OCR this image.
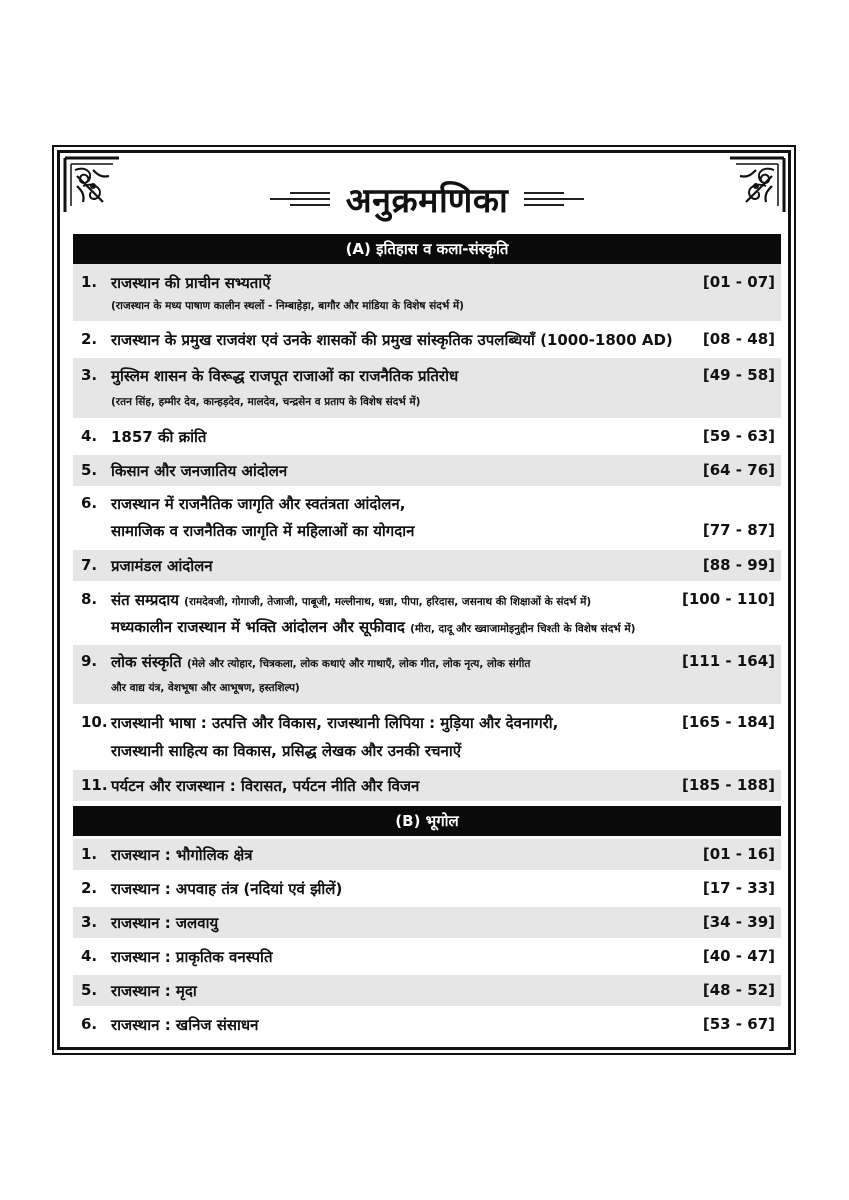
अनुक्रमणिका
(A) इतिहास व कला-संस्कृति
1. राजस्थान की प्राचीन सभ्यताऐं	[01 - 07]
(राजस्थान के मध्य पाषाण कालीन स्थलों - निम्बाहेड़ा, बागौर और मांडिया के विशेष संदर्भ में)
2. राजस्थान के प्रमुख राजवंश एवं उनके शासकों की प्रमुख सांस्कृतिक उपलब्धियाँ (1000-1800 AD) [08 - 48]
3. मुस्लिम शासन के विरूद्ध राजपूत राजाओं का राजनैतिक प्रतिरोध	[49 - 58]
(रतन सिंह, हम्मीर देव, कान्हड़देव, मालदेव, चन्द्रसेन व प्रताप के विशेष संदर्भ में)
4. 1857 की क्रांति	[59 - 63]
5. किसान और जनजातिय आंदोलन	[64 - 76]
6. राजस्थान में राजनैतिक जागृति और स्वतंत्रता आंदोलन,
सामाजिक व राजनैतिक जागृति में महिलाओं का योगदान	[77 - 87]
7. प्रजामंडल आंदोलन	[88 - 99]
8. संत सम्प्रदाय (रामदेवजी, गोगाजी, तेजाजी, पाबूजी, मल्लीनाथ, धन्ना, पीपा, हरिदास, जसनाथ की शिक्षाओं के संदर्भ में)	[100 - 110]
मध्यकालीन राजस्थान में भक्ति आंदोलन और सूफीवाद (मीरा, दादू और ख्वाजामोइनुद्दीन चिश्ती के विशेष संदर्भ में)
9. लोक संस्कृति (मेले और त्योहार, चित्रकला, लोक कथाएं और गाथाएँ, लोक गीत, लोक नृत्य, लोक संगीत	[111 - 164]
और वाद्य यंत्र, वेशभूषा और आभूषण, हस्तशिल्प)
10. राजस्थानी भाषा : उत्पत्ति और विकास, राजस्थानी लिपिया : मुड़िया और देवनागरी,	[165 - 184]
राजस्थानी साहित्य का विकास, प्रसिद्ध लेखक और उनकी रचनाऐं
11. पर्यटन और राजस्थान : विरासत, पर्यटन नीति और विजन	[185 - 188]
(B) भूगोल
1. राजस्थान : भौगोलिक क्षेत्र	[01 - 16]
2. राजस्थान : अपवाह तंत्र (नदियां एवं झीलें)	[17 - 33]
3. राजस्थान : जलवायु	[34 - 39]
4. राजस्थान : प्राकृतिक वनस्पति	[40 - 47]
5. राजस्थान : मृदा	[48 - 52]
6. राजस्थान : खनिज संसाधन	[53 - 67]
